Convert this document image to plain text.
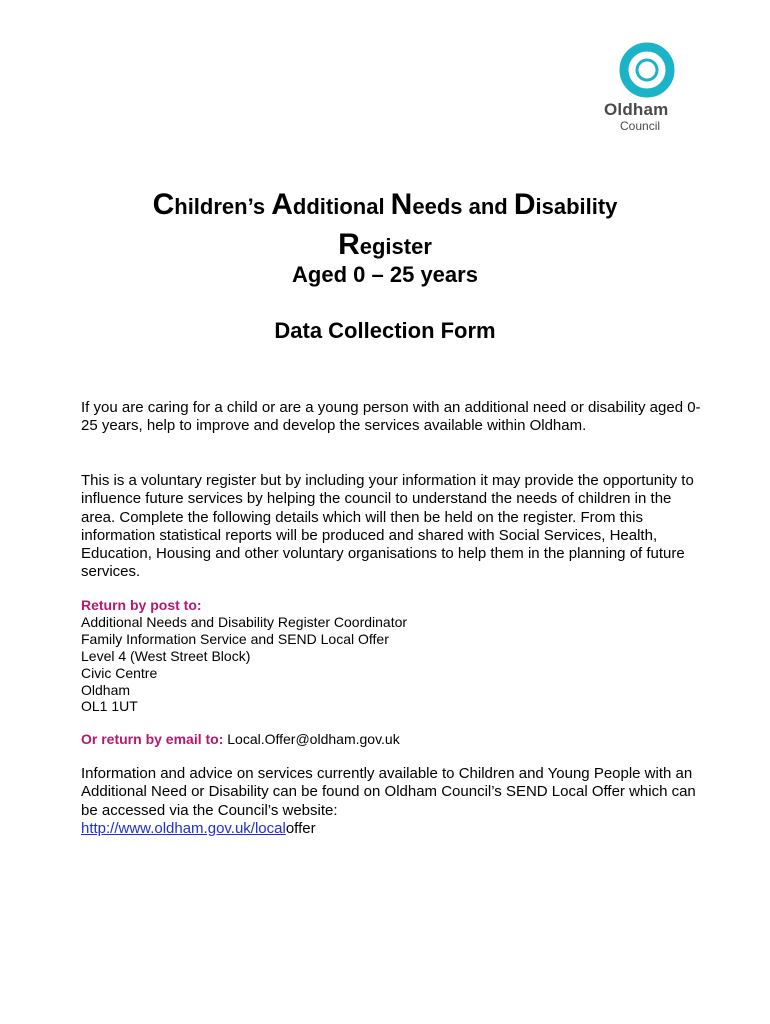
Oldham
Council
Children’s Additional Needs and Disability
Register
Aged 0 – 25 years
Data Collection Form

If you are caring for a child or are a young person with an additional need or disability aged 0-25 years, help to improve and develop the services available within Oldham.

This is a voluntary register but by including your information it may provide the opportunity to influence future services by helping the council to understand the needs of children in the area. Complete the following details which will then be held on the register. From this information statistical reports will be produced and shared with Social Services, Health, Education, Housing and other voluntary organisations to help them in the planning of future services.

Return by post to:
Additional Needs and Disability Register Coordinator
Family Information Service and SEND Local Offer
Level 4 (West Street Block)
Civic Centre
Oldham
OL1 1UT
Or return by email to: Local.Offer@oldham.gov.uk

Information and advice on services currently available to Children and Young People with an Additional Need or Disability can be found on Oldham Council’s SEND Local Offer which can be accessed via the Council’s website:
http://www.oldham.gov.uk/localoffer
